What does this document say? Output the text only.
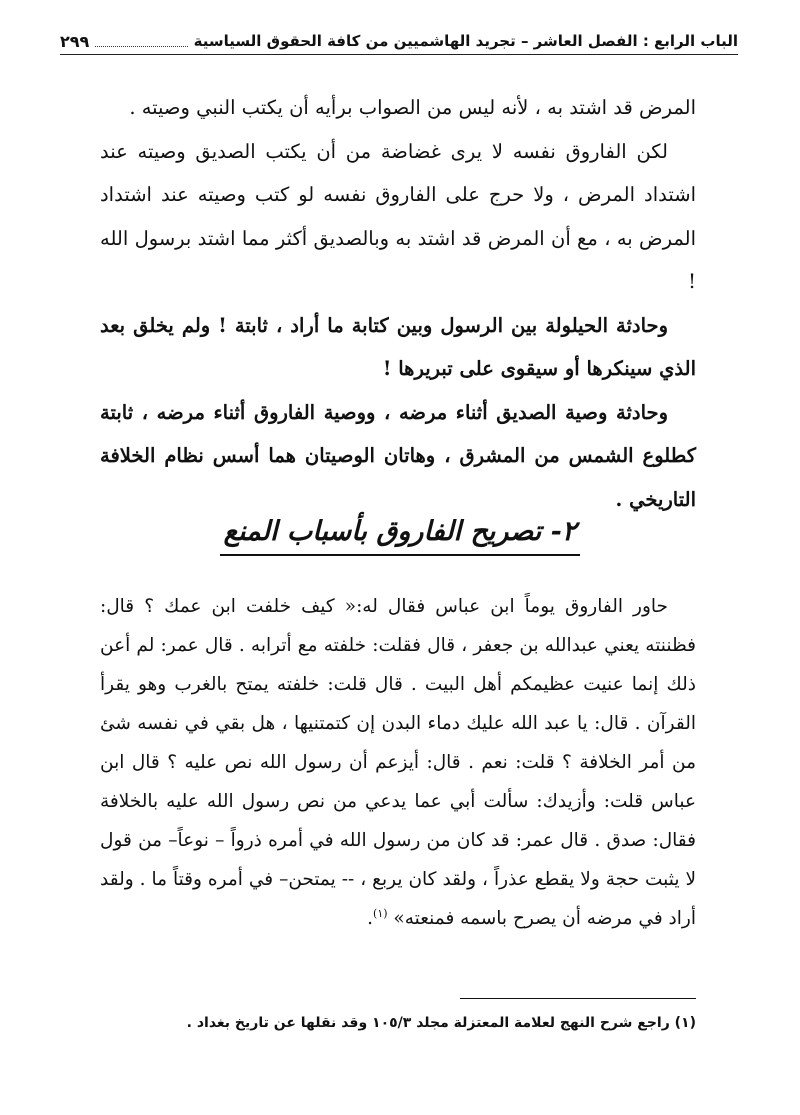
الباب الرابع : الفصل العاشر – تجريد الهاشميين من كافة الحقوق السياسية
٢٩٩

المرض قد اشتد به ، لأنه ليس من الصواب برأيه أن يكتب النبي وصيته .

لكن الفاروق نفسه لا يرى غضاضة من أن يكتب الصديق وصيته عند اشتداد المرض ، ولا حرج على الفاروق نفسه لو كتب وصيته عند اشتداد المرض به ، مع أن المرض قد اشتد به وبالصديق أكثر مما اشتد برسول الله !

وحادثة الحيلولة بين الرسول وبين كتابة ما أراد ، ثابتة ! ولم يخلق بعد الذي سينكرها أو سيقوى على تبريرها !

وحادثة وصية الصديق أثناء مرضه ، ووصية الفاروق أثناء مرضه ، ثابتة كطلوع الشمس من المشرق ، وهاتان الوصيتان هما أسس نظام الخلافة التاريخي .

٢- تصريح الفاروق بأسباب المنع

حاور الفاروق يوماً ابن عباس فقال له:« كيف خلفت ابن عمك ؟ قال: فظننته يعني عبدالله بن جعفر ، قال فقلت: خلفته مع أترابه . قال عمر: لم أعن ذلك إنما عنيت عظيمكم أهل البيت . قال قلت: خلفته يمتح بالغرب وهو يقرأ القرآن . قال: يا عبد الله عليك دماء البدن إن كتمتنيها ، هل بقي في نفسه شئ من أمر الخلافة ؟ قلت: نعم . قال: أيزعم أن رسول الله نص عليه ؟ قال ابن عباس قلت: وأزيدك: سألت أبي عما يدعي من نص رسول الله عليه بالخلافة فقال: صدق . قال عمر: قد كان من رسول الله في أمره ذرواً – نوعاً– من قول لا يثبت حجة ولا يقطع عذراً ، ولقد كان يربع ، -- يمتحن– في أمره وقتاً ما . ولقد أراد في مرضه أن يصرح باسمه فمنعته» $^{(١)}$.

(١) راجع شرح النهج لعلامة المعتزلة مجلد ١٠٥/٣ وقد نقلها عن تاريخ بغداد .
